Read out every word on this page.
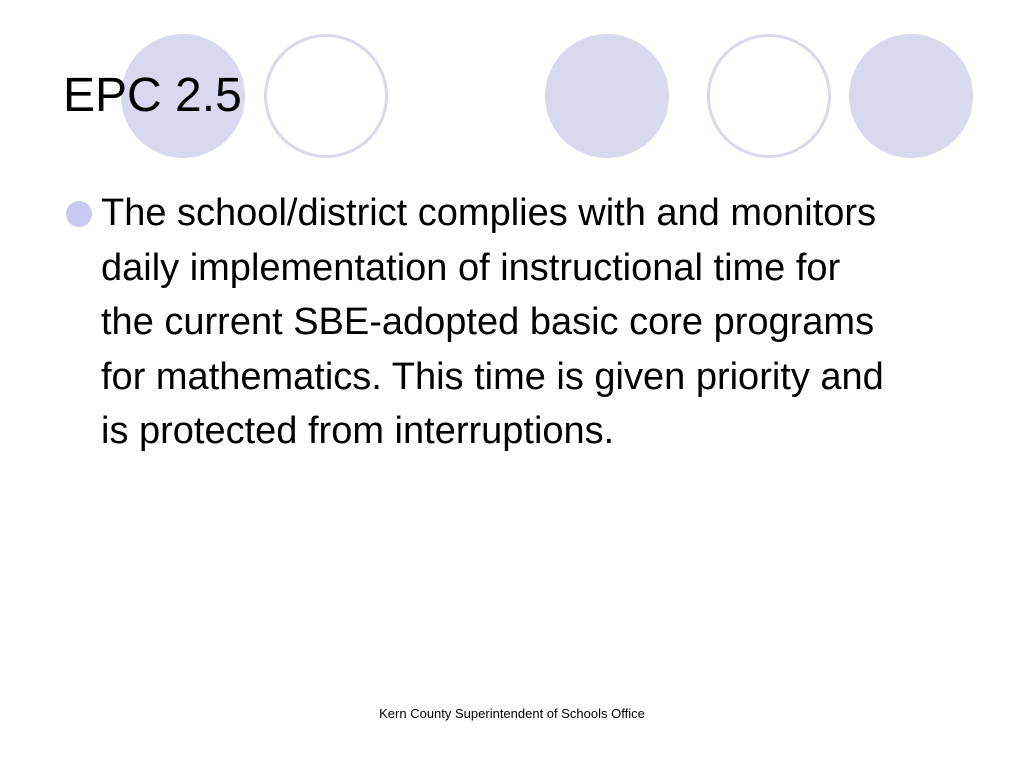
EPC 2.5
The school/district complies with and monitors daily implementation of instructional time for the current SBE-adopted basic core programs for mathematics. This time is given priority and is protected from interruptions.
Kern County Superintendent of Schools Office
